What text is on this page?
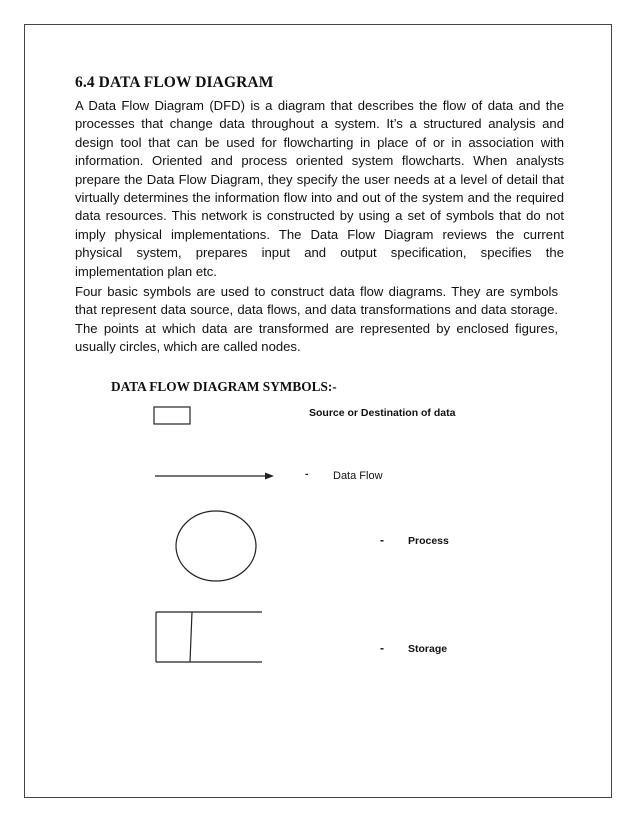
6.4 DATA FLOW DIAGRAM

A Data Flow Diagram (DFD) is a diagram that describes the flow of data and the processes that change data throughout a system. It’s a structured analysis and design tool that can be used for flowcharting in place of or in association with information. Oriented and process oriented system flowcharts. When analysts prepare the Data Flow Diagram, they specify the user needs at a level of detail that virtually determines the information flow into and out of the system and the required data resources. This network is constructed by using a set of symbols that do not imply physical implementations. The Data Flow Diagram reviews the current physical system, prepares input and output specification, specifies the implementation plan etc.

Four basic symbols are used to construct data flow diagrams. They are symbols that represent data source, data flows, and data transformations and data storage. The points at which data are transformed are represented by enclosed figures, usually circles, which are called nodes.

DATA FLOW DIAGRAM SYMBOLS:-

Source or Destination of data

- Data Flow

- Process

- Storage
